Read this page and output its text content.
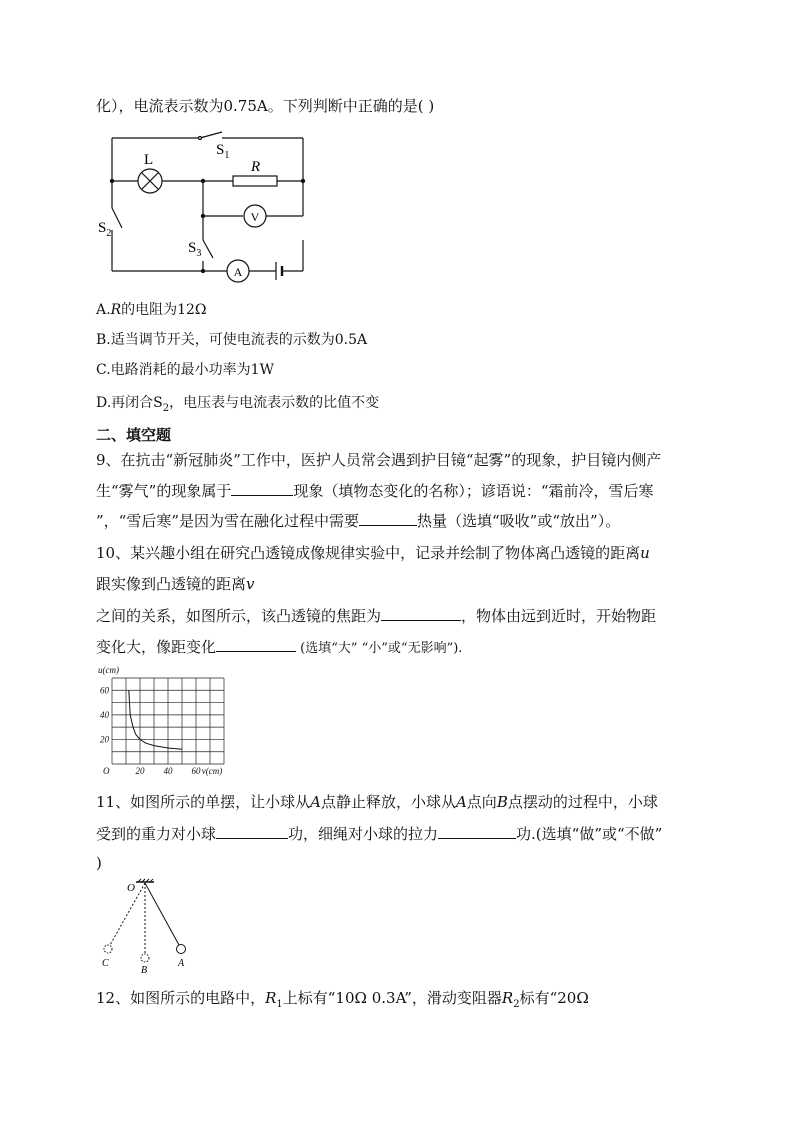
化），电流表示数为0.75A。下列判断中正确的是( )
$S_1$
L	R
V
$S_2$
$S_3$
A
A.R的电阻为12Ω
B.适当调节开关，可使电流表的示数为0.5A
C.电路消耗的最小功率为1W
D.再闭合$S_2$，电压表与电流表示数的比值不变
二、填空题
9、在抗击“新冠肺炎”工作中，医护人员常会遇到护目镜“起雾”的现象，护目镜内侧产
生“雾气”的现象属于	现象（填物态变化的名称）；谚语说：“霜前冷，雪后寒
”，“雪后寒”是因为雪在融化过程中需要	热量（选填“吸收”或“放出”）。
10、某兴趣小组在研究凸透镜成像规律实验中，记录并绘制了物体离凸透镜的距离u
跟实像到凸透镜的距离v
之间的关系，如图所示，该凸透镜的焦距为	，物体由远到近时，开始物距
变化大，像距变化	(选填“大” “小”或“无影响”).
20 40 60
20
40
60
O
u(cm)
v(cm)
11、如图所示的单摆，让小球从A点静止释放，小球从A点向B点摆动的过程中，小球
受到的重力对小球	功，细绳对小球的拉力	功.(选填“做”或“不做”
)
O
C
B
A
12、如图所示的电路中，$R_1$上标有“10Ω 0.3A”，滑动变阻器$R_2$标有“20Ω
